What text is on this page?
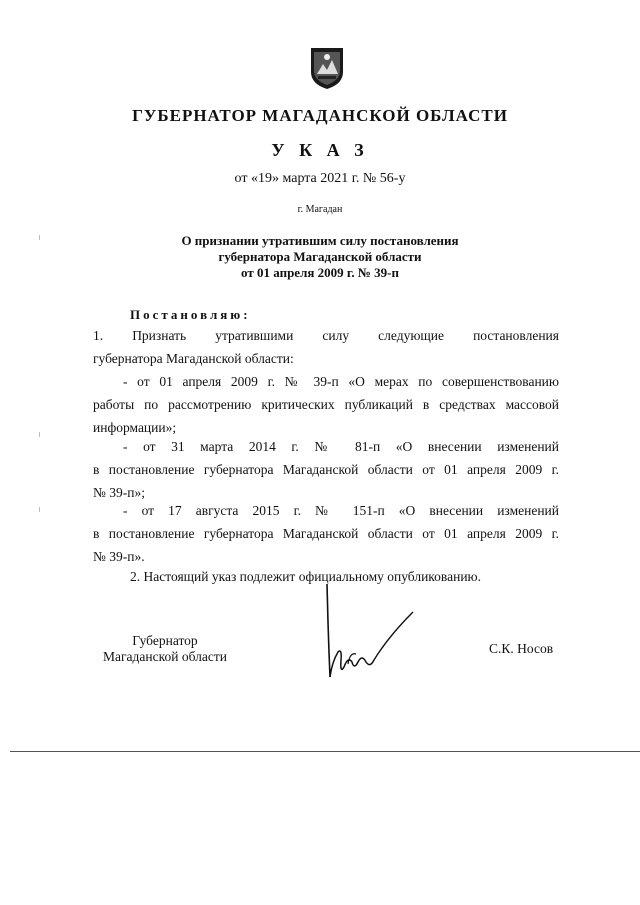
ГУБЕРНАТОР МАГАДАНСКОЙ ОБЛАСТИ
У К А З
от «19» марта 2021 г. № 56-у
г. Магадан
О признании утратившим силу постановления
губернатора Магаданской области
от 01 апреля 2009 г. № 39-п
Постановляю:
1. Признать утратившими силу следующие постановления
губернатора Магаданской области:
- от 01 апреля 2009 г. № 39-п «О мерах по совершенствованию
работы по рассмотрению критических публикаций в средствах массовой
информации»;
- от 31 марта 2014 г. № 81-п «О внесении изменений
в постановление губернатора Магаданской области от 01 апреля 2009 г.
№ 39-п»;
- от 17 августа 2015 г. № 151-п «О внесении изменений
в постановление губернатора Магаданской области от 01 апреля 2009 г.
№ 39-п».
2. Настоящий указ подлежит официальному опубликованию.
Губернатор
Магаданской области
С.К. Носов
